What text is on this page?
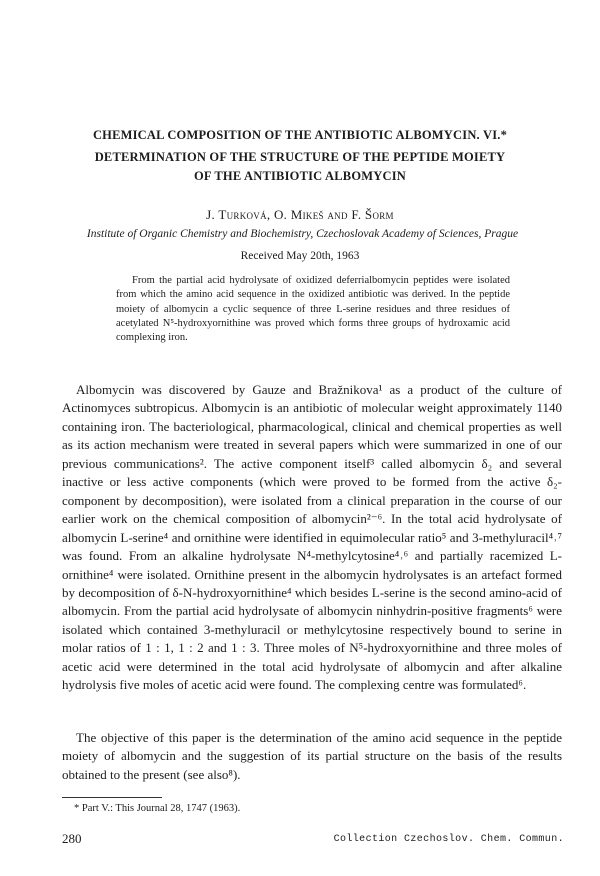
CHEMICAL COMPOSITION OF THE ANTIBIOTIC ALBOMYCIN. VI.*
DETERMINATION OF THE STRUCTURE OF THE PEPTIDE MOIETY
OF THE ANTIBIOTIC ALBOMYCIN
J. Turková, O. Mikeš and F. Šorm
Institute of Organic Chemistry and Biochemistry, Czechoslovak Academy of Sciences, Prague
Received May 20th, 1963

From the partial acid hydrolysate of oxidized deferrialbomycin peptides were isolated from which the amino acid sequence in the oxidized antibiotic was derived. In the peptide moiety of albomycin a cyclic sequence of three L-serine residues and three residues of acetylated N⁵-hydroxyornithine was proved which forms three groups of hydroxamic acid complexing iron.

Albomycin was discovered by Gauze and Bražnikova¹ as a product of the culture of Actinomyces subtropicus. Albomycin is an antibiotic of molecular weight approximately 1140 containing iron. The bacteriological, pharmacological, clinical and chemical properties as well as its action mechanism were treated in several papers which were summarized in one of our previous communications². The active component itself³ called albomycin δ₂ and several inactive or less active components (which were proved to be formed from the active δ₂-component by decomposition), were isolated from a clinical preparation in the course of our earlier work on the chemical composition of albomycin²⁻⁶. In the total acid hydrolysate of albomycin L-serine⁴ and ornithine were identified in equimolecular ratio⁵ and 3-methyluracil⁴˒⁷ was found. From an alkaline hydrolysate N⁴-methylcytosine⁴˒⁶ and partially racemized L-ornithine⁴ were isolated. Ornithine present in the albomycin hydrolysates is an artefact formed by decomposition of δ-N-hydroxyornithine⁴ which besides L-serine is the second amino-acid of albomycin. From the partial acid hydrolysate of albomycin ninhydrin-positive fragments⁶ were isolated which contained 3-methyluracil or methylcytosine respectively bound to serine in molar ratios of 1 : 1, 1 : 2 and 1 : 3. Three moles of N⁵-hydroxyornithine and three moles of acetic acid were determined in the total acid hydrolysate of albomycin and after alkaline hydrolysis five moles of acetic acid were found. The complexing centre was formulated⁶.

The objective of this paper is the determination of the amino acid sequence in the peptide moiety of albomycin and the suggestion of its partial structure on the basis of the results obtained to the present (see also⁸).

* Part V.: This Journal 28, 1747 (1963).
280	Collection Czechoslov. Chem. Commun.
